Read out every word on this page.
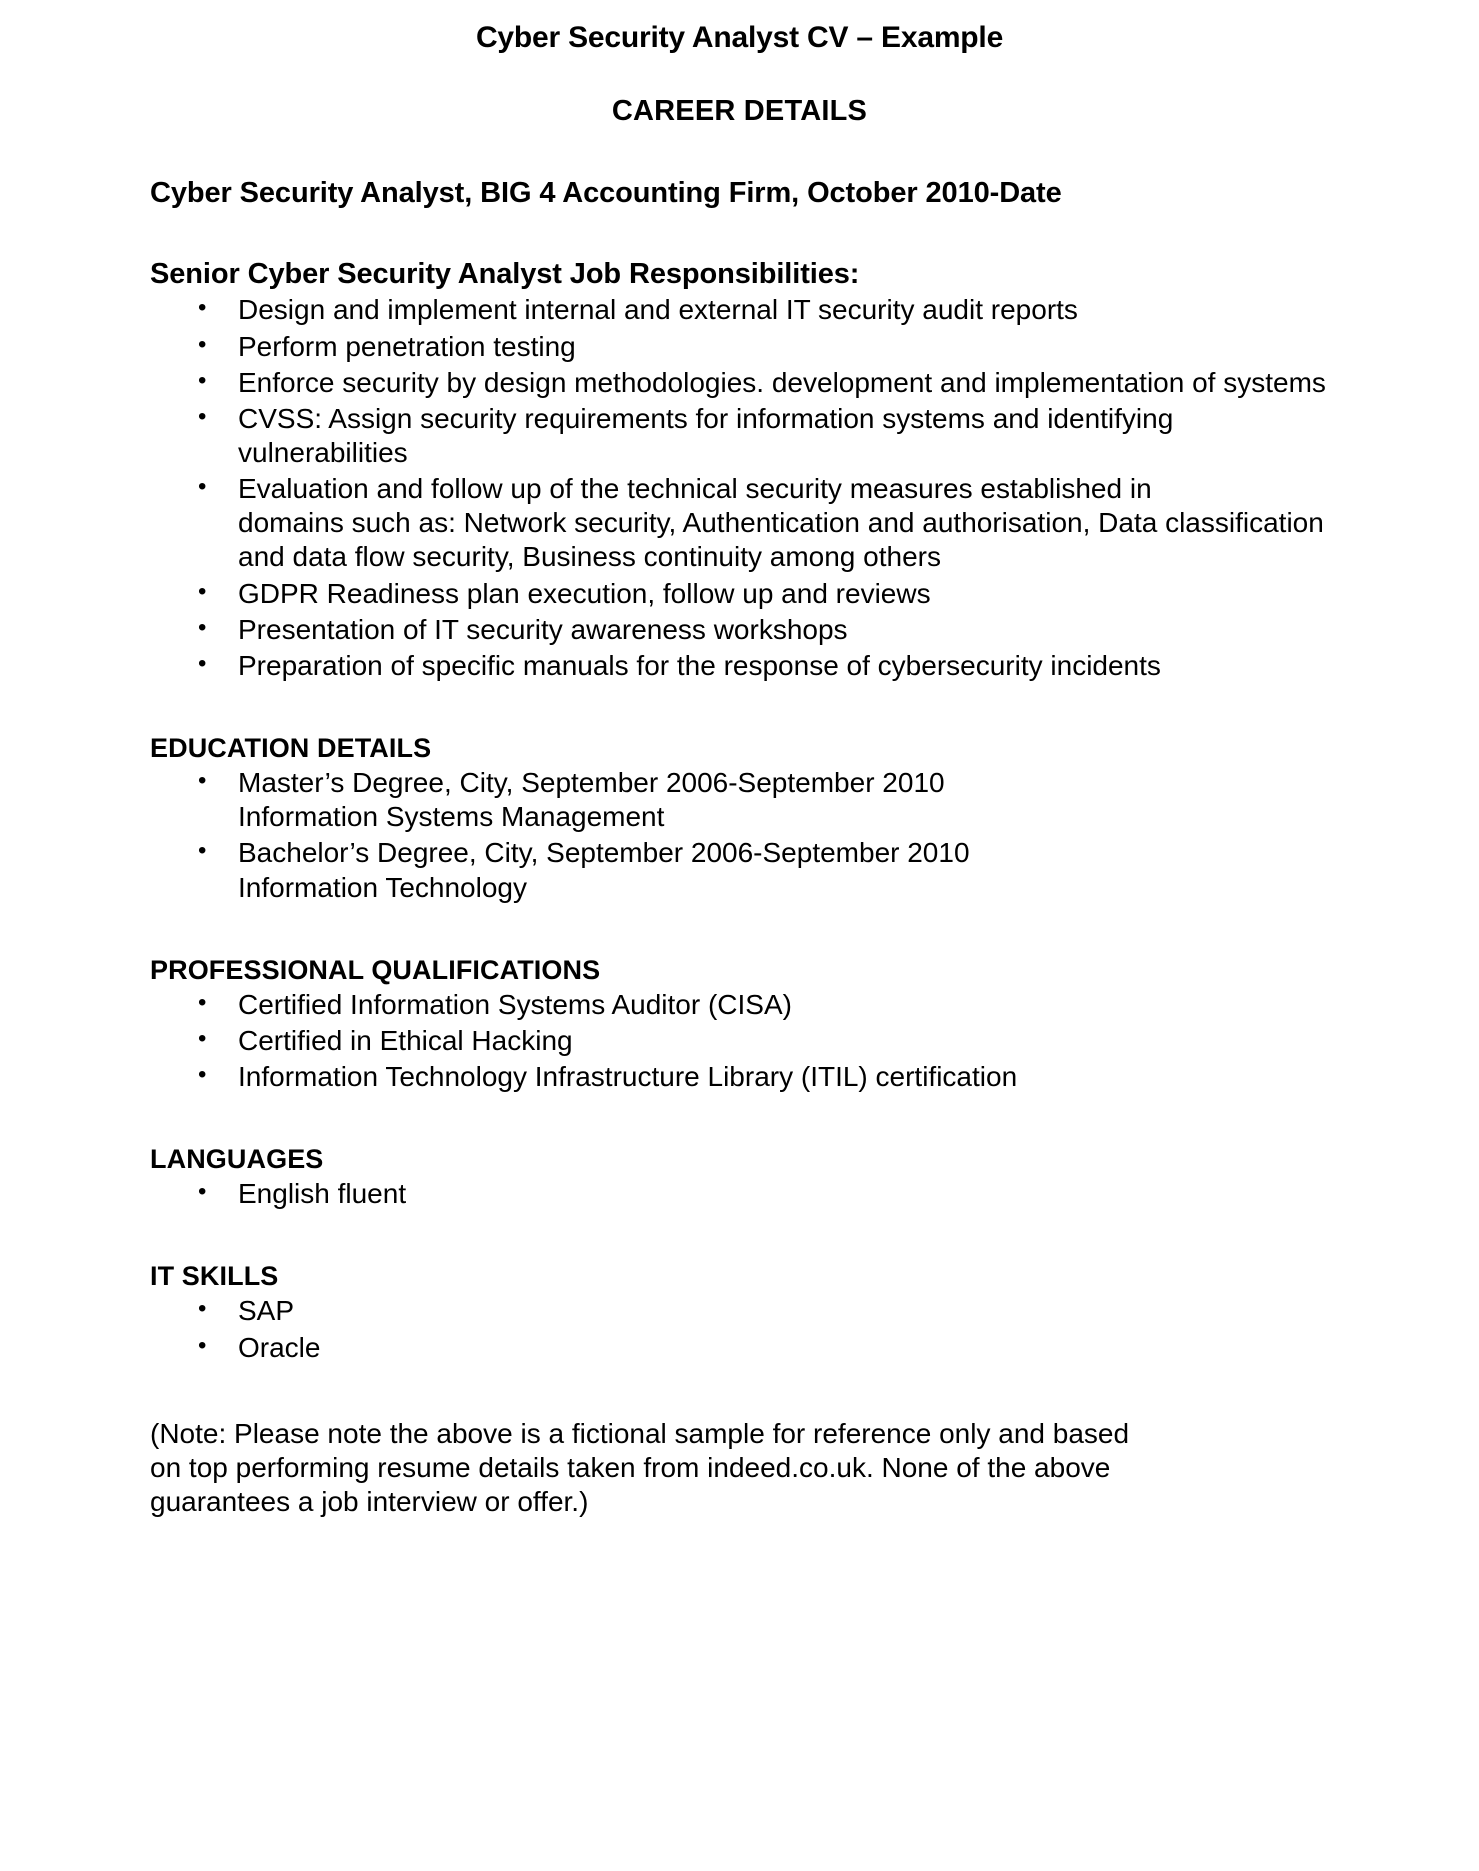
Cyber Security Analyst CV – Example
CAREER DETAILS
Cyber Security Analyst, BIG 4 Accounting Firm, October 2010-Date
Senior Cyber Security Analyst Job Responsibilities:
• Design and implement internal and external IT security audit reports
• Perform penetration testing
• Enforce security by design methodologies. development and implementation of systems
• CVSS: Assign security requirements for information systems and identifying
vulnerabilities
• Evaluation and follow up of the technical security measures established in
domains such as: Network security, Authentication and authorisation, Data classification and data flow security, Business continuity among others
• GDPR Readiness plan execution, follow up and reviews
• Presentation of IT security awareness workshops
• Preparation of specific manuals for the response of cybersecurity incidents
EDUCATION DETAILS
• Master’s Degree, City, September 2006-September 2010
Information Systems Management
• Bachelor’s Degree, City, September 2006-September 2010
Information Technology
PROFESSIONAL QUALIFICATIONS
• Certified Information Systems Auditor (CISA)
• Certified in Ethical Hacking
• Information Technology Infrastructure Library (ITIL) certification
LANGUAGES
• English fluent
IT SKILLS
• SAP
• Oracle

(Note: Please note the above is a fictional sample for reference only and based on top performing resume details taken from indeed.co.uk. None of the above guarantees a job interview or offer.)
